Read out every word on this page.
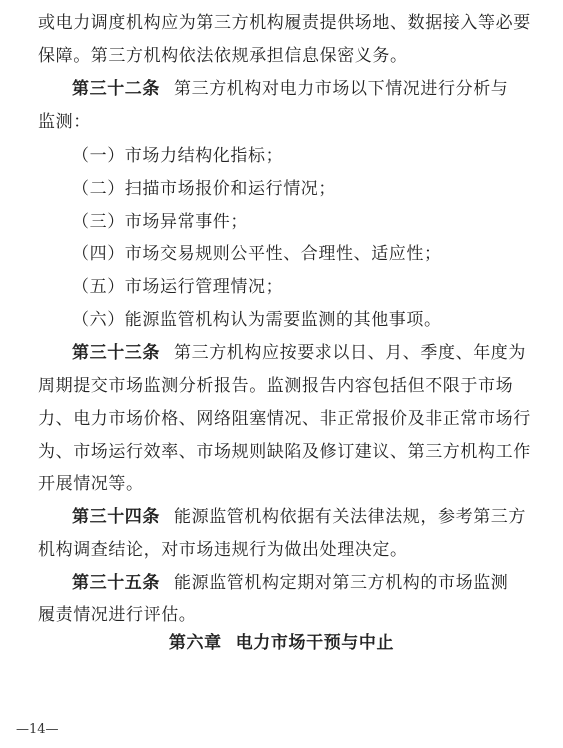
或电力调度机构应为第三方机构履责提供场地、数据接入等必要
保障。第三方机构依法依规承担信息保密义务。
第三十二条 第三方机构对电力市场以下情况进行分析与
监测：
（一）市场力结构化指标；
（二）扫描市场报价和运行情况；
（三）市场异常事件；
（四）市场交易规则公平性、合理性、适应性；
（五）市场运行管理情况；
（六）能源监管机构认为需要监测的其他事项。
第三十三条 第三方机构应按要求以日、月、季度、年度为
周期提交市场监测分析报告。监测报告内容包括但不限于市场
力、电力市场价格、网络阻塞情况、非正常报价及非正常市场行
为、市场运行效率、市场规则缺陷及修订建议、第三方机构工作
开展情况等。
第三十四条 能源监管机构依据有关法律法规，参考第三方
机构调查结论，对市场违规行为做出处理决定。
第三十五条 能源监管机构定期对第三方机构的市场监测
履责情况进行评估。
第六章 电力市场干预与中止
—14—
